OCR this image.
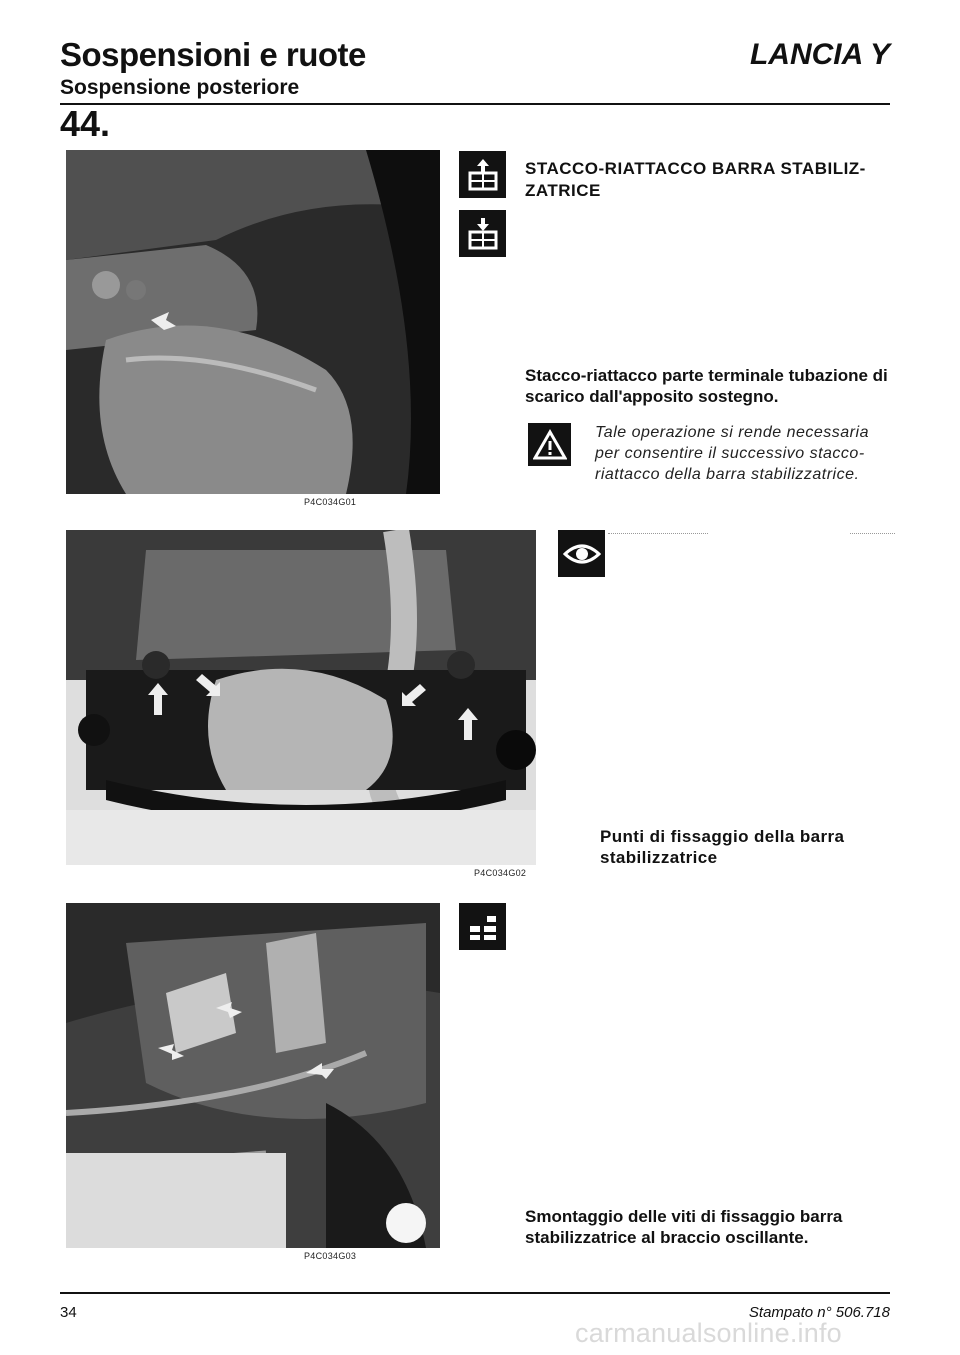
Sospensioni e ruote	LANCIA Y
Sospensione posteriore
44.
P4C034G01
P4C034G02
P4C034G03
STACCO-RIATTACCO BARRA STABILIZ-ZATRICE
Stacco-riattacco parte terminale tubazione di scarico dall'apposito sostegno.
Tale operazione si rende necessaria per consentire il successivo stacco-riattacco della barra stabilizzatrice.
Punti di fissaggio della barra stabilizzatrice
Smontaggio delle viti di fissaggio barra stabilizzatrice al braccio oscillante.
34	Stampato n° 506.718
carmanualsonline.info
